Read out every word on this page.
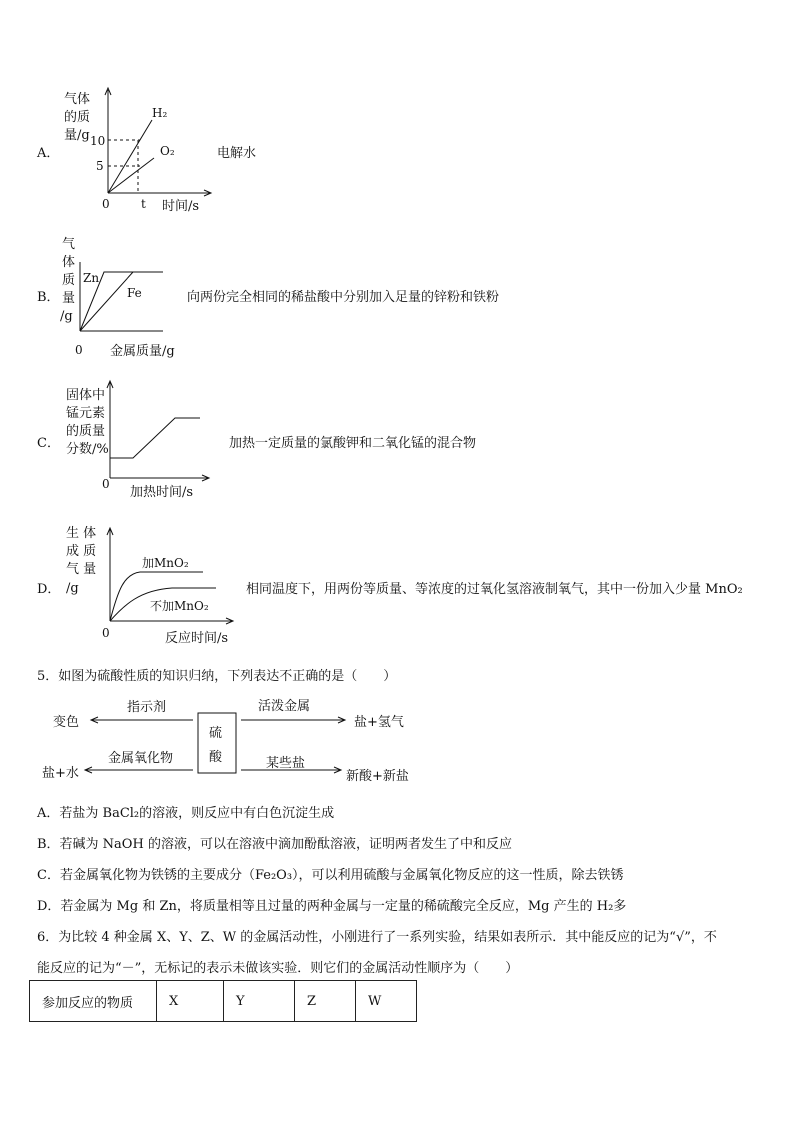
A．
气体
的质
量/g 10
5
H₂
O₂
0	t 时间/s
电解水
B．
气
体
质
量
/g
Zn
Fe
0 金属质量/g
向两份完全相同的稀盐酸中分别加入足量的锌粉和铁粉
C．
固体中
锰元素
的质量
分数/%
0
加热时间/s
加热一定质量的氯酸钾和二氧化锰的混合物
D．
生 体
成 质
气 量
/g
加MnO₂
不加MnO₂
0	反应时间/s
相同温度下，用两份等质量、等浓度的过氧化氢溶液制氧气，其中一份加入少量 MnO₂
5．如图为硫酸性质的知识归纳，下列表达不正确的是（　　）
硫
酸
指示剂
变色
金属氧化物
盐+水
活泼金属
盐+氢气
某些盐
新酸+新盐
A．若盐为 BaCl₂的溶液，则反应中有白色沉淀生成
B．若碱为 NaOH 的溶液，可以在溶液中滴加酚酞溶液，证明两者发生了中和反应
C．若金属氧化物为铁锈的主要成分（Fe₂O₃），可以利用硫酸与金属氧化物反应的这一性质，除去铁锈
D．若金属为 Mg 和 Zn，将质量相等且过量的两种金属与一定量的稀硫酸完全反应，Mg 产生的 H₂多
6．为比较 4 种金属 X、Y、Z、W 的金属活动性，小刚进行了一系列实验，结果如表所示．其中能反应的记为“√”，不
能反应的记为“－”，无标记的表示未做该实验．则它们的金属活动性顺序为（　　）
参加反应的物质	X	Y	Z	W
